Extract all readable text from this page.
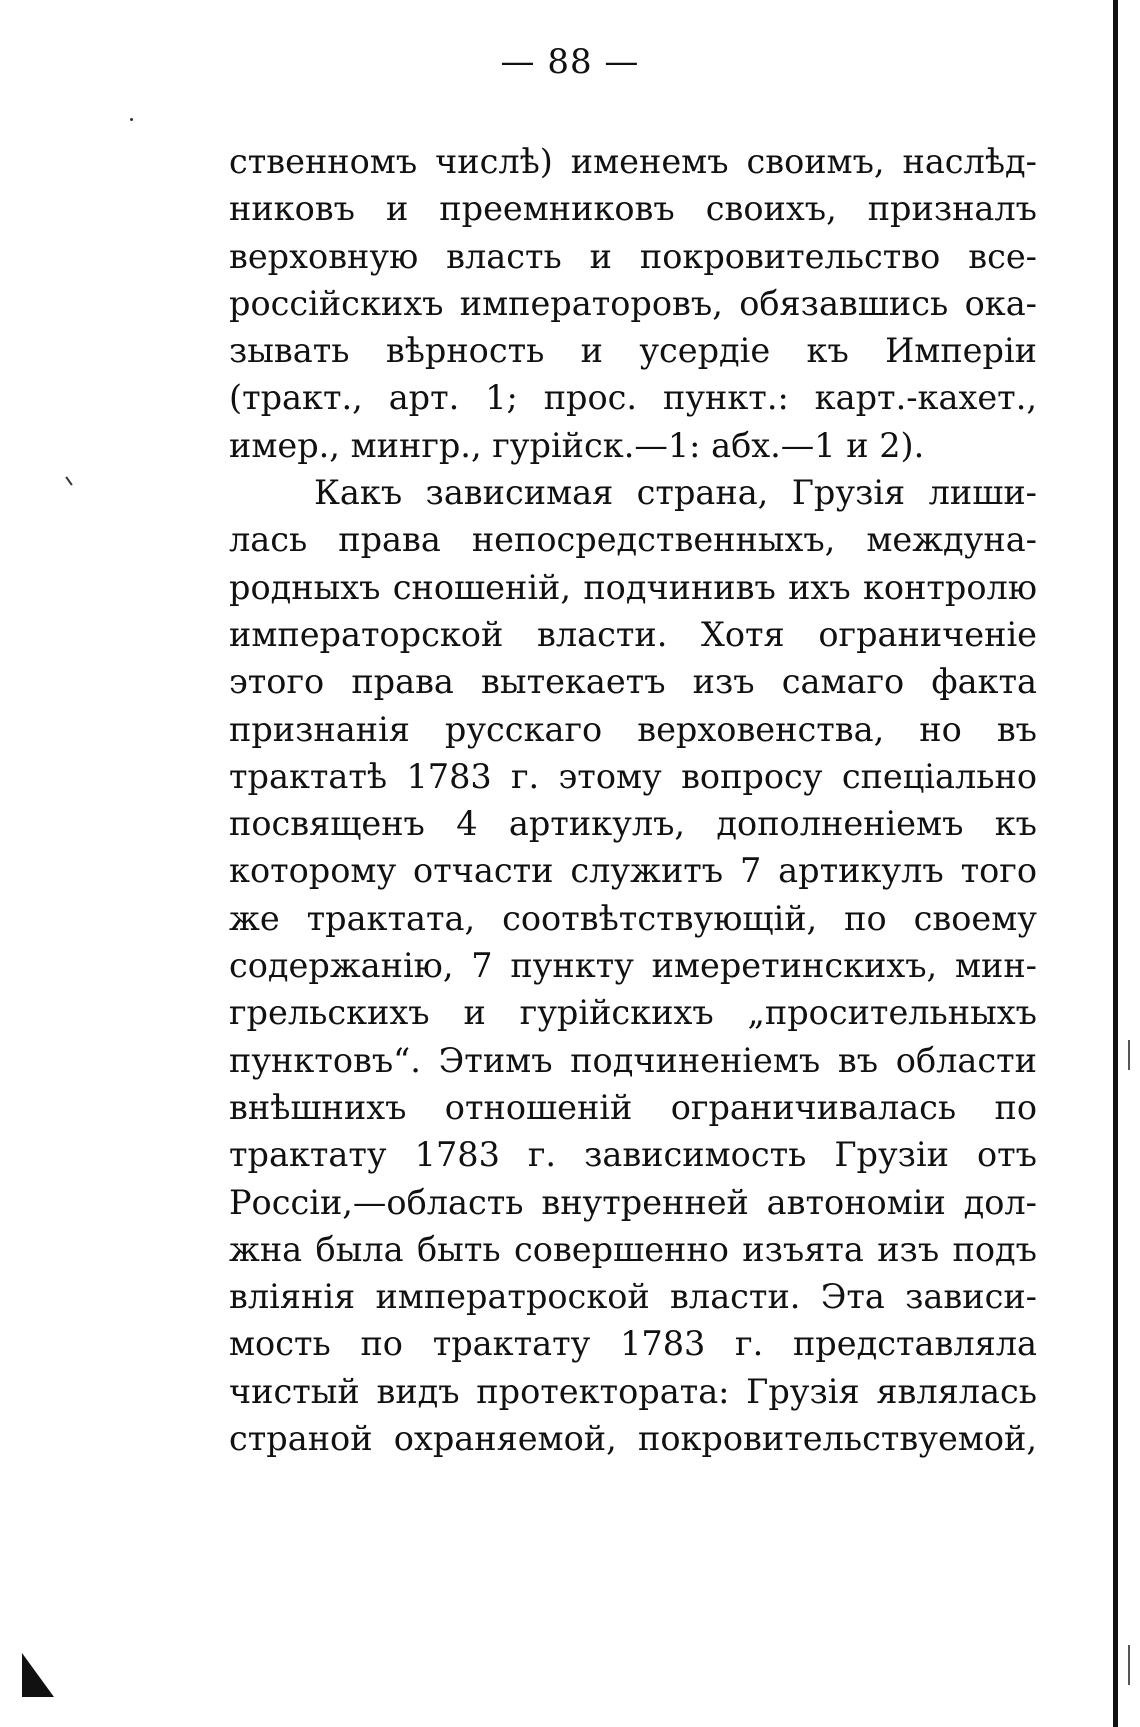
— 88 —
ственномъ числѣ) именемъ своимъ, наслѣд-
никовъ и преемниковъ своихъ, призналъ
верховную власть и покровительство все-
россійскихъ императоровъ, обязавшись ока-
зывать вѣрность и усердіе къ Имперіи
(тракт., арт. 1; прос. пункт.: карт.-кахет.,
имер., мингр., гурійск.—1: абх.—1 и 2).
Какъ зависимая страна, Грузія лиши-
лась права непосредственныхъ, междуна-
родныхъ сношеній, подчинивъ ихъ контролю
императорской власти. Хотя ограниченіе
этого права вытекаетъ изъ самаго факта
признанія русскаго верховенства, но въ
трактатѣ 1783 г. этому вопросу спеціально
посвященъ 4 артикулъ, дополненіемъ къ
которому отчасти служитъ 7 артикулъ того
же трактата, соотвѣтствующій, по своему
содержанію, 7 пункту имеретинскихъ, мин-
грельскихъ и гурійскихъ „просительныхъ
пунктовъ“. Этимъ подчиненіемъ въ области
внѣшнихъ отношеній ограничивалась по
трактату 1783 г. зависимость Грузіи отъ
Россіи,—область внутренней автономіи дол-
жна была быть совершенно изъята изъ подъ
вліянія императроской власти. Эта зависи-
мость по трактату 1783 г. представляла
чистый видъ протектората: Грузія являлась
страной охраняемой, покровительствуемой,
